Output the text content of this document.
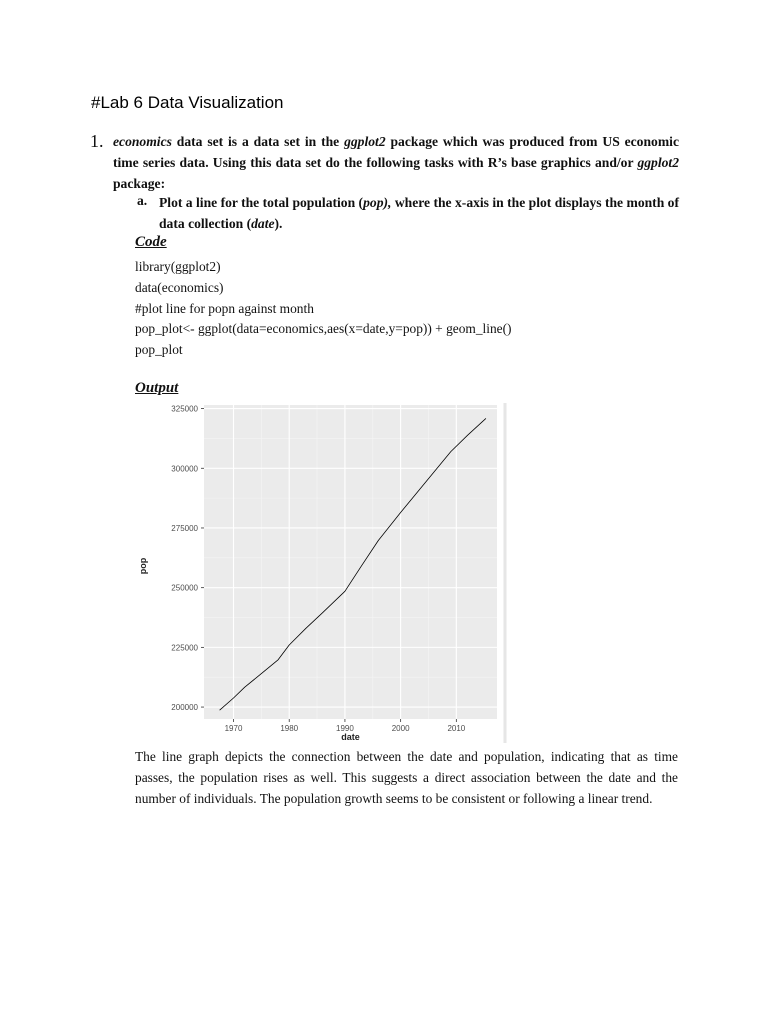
#Lab 6 Data Visualization
1. economics data set is a data set in the ggplot2 package which was produced from US economic time series data. Using this data set do the following tasks with R’s base graphics and/or ggplot2 package:
a. Plot a line for the total population (pop), where the x-axis in the plot displays the month of data collection (date).
Code
library(ggplot2)
data(economics)
#plot line for popn against month
pop_plot<- ggplot(data=economics,aes(x=date,y=pop)) + geom_line()
pop_plot
Output
1970	1980	1990	2000	2010
200000
225000
250000
275000
300000
325000
date
pop

The line graph depicts the connection between the date and population, indicating that as time passes, the population rises as well. This suggests a direct association between the date and the number of individuals. The population growth seems to be consistent or following a linear trend.
